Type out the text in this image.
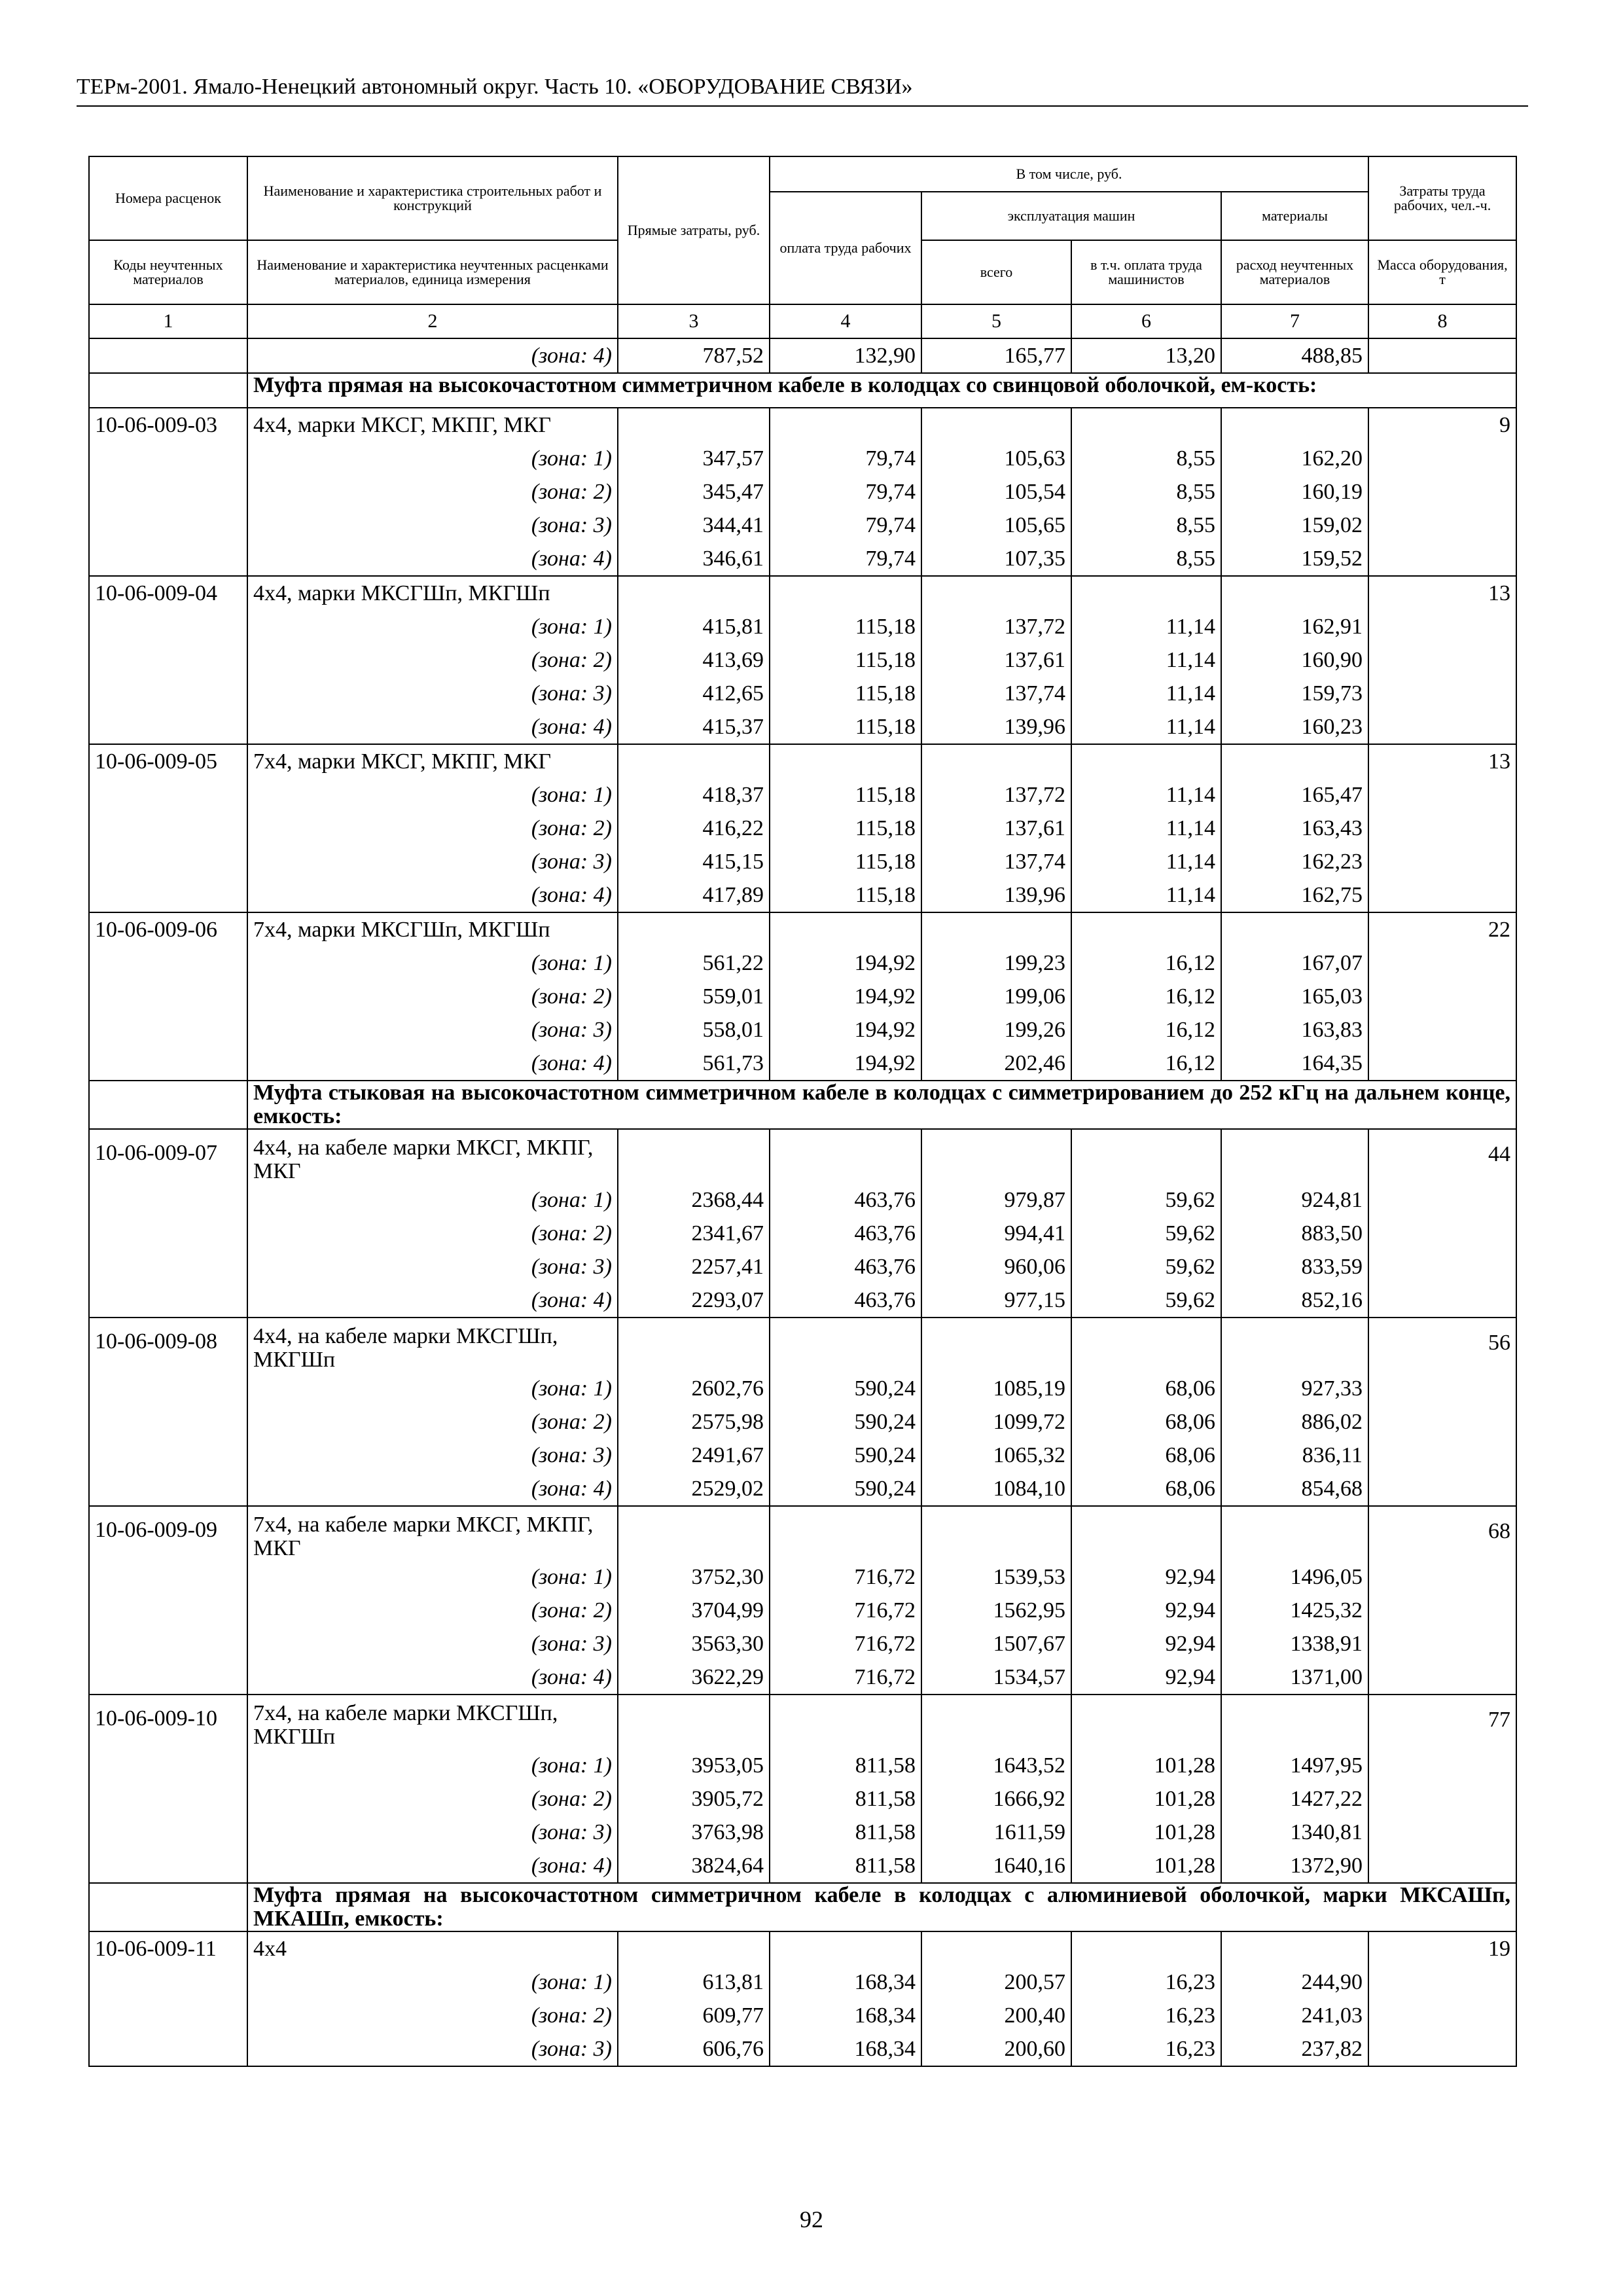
ТЕРм-2001. Ямало-Ненецкий автономный округ. Часть 10. «ОБОРУДОВАНИЕ СВЯЗИ»
Номера расценок	Наименование и характеристика строительных работ и конструкций	Прямые затраты, руб.	В том числе, руб.				Затраты труда рабочих, чел.-ч.
			оплата труда рабочих	эксплуатация машин		материалы	
Коды неучтенных материалов	Наименование и характеристика неучтенных расценками материалов, единица измерения			всего	в т.ч. оплата труда машинистов	расход неучтенных материалов	Масса оборудования, т
1	2	3	4	5	6	7	8
	(зона: 4)	787,52	132,90	165,77	13,20	488,85	
	Муфта прямая на высокочастотном симметричном кабеле в колодцах со свинцовой оболочкой, ем-кость:						
10-06-009-03	4х4, марки МКСГ, МКПГ, МКГ						9
	(зона: 1)	347,57	79,74	105,63	8,55	162,20	
	(зона: 2)	345,47	79,74	105,54	8,55	160,19	
	(зона: 3)	344,41	79,74	105,65	8,55	159,02	
	(зона: 4)	346,61	79,74	107,35	8,55	159,52	
10-06-009-04	4х4, марки МКСГШп, МКГШп						13
	(зона: 1)	415,81	115,18	137,72	11,14	162,91	
	(зона: 2)	413,69	115,18	137,61	11,14	160,90	
	(зона: 3)	412,65	115,18	137,74	11,14	159,73	
	(зона: 4)	415,37	115,18	139,96	11,14	160,23	
10-06-009-05	7х4, марки МКСГ, МКПГ, МКГ						13
	(зона: 1)	418,37	115,18	137,72	11,14	165,47	
	(зона: 2)	416,22	115,18	137,61	11,14	163,43	
	(зона: 3)	415,15	115,18	137,74	11,14	162,23	
	(зона: 4)	417,89	115,18	139,96	11,14	162,75	
10-06-009-06	7х4, марки МКСГШп, МКГШп						22
	(зона: 1)	561,22	194,92	199,23	16,12	167,07	
	(зона: 2)	559,01	194,92	199,06	16,12	165,03	
	(зона: 3)	558,01	194,92	199,26	16,12	163,83	
	(зона: 4)	561,73	194,92	202,46	16,12	164,35	
	Муфта стыковая на высокочастотном симметричном кабеле в колодцах с симметрированием до 252 кГц на дальнем конце, емкость:						
10-06-009-07	4х4, на кабеле марки МКСГ, МКПГ, МКГ						44
	(зона: 1)	2368,44	463,76	979,87	59,62	924,81	
	(зона: 2)	2341,67	463,76	994,41	59,62	883,50	
	(зона: 3)	2257,41	463,76	960,06	59,62	833,59	
	(зона: 4)	2293,07	463,76	977,15	59,62	852,16	
10-06-009-08	4х4, на кабеле марки МКСГШп, МКГШп						56
	(зона: 1)	2602,76	590,24	1085,19	68,06	927,33	
	(зона: 2)	2575,98	590,24	1099,72	68,06	886,02	
	(зона: 3)	2491,67	590,24	1065,32	68,06	836,11	
	(зона: 4)	2529,02	590,24	1084,10	68,06	854,68	
10-06-009-09	7х4, на кабеле марки МКСГ, МКПГ, МКГ						68
	(зона: 1)	3752,30	716,72	1539,53	92,94	1496,05	
	(зона: 2)	3704,99	716,72	1562,95	92,94	1425,32	
	(зона: 3)	3563,30	716,72	1507,67	92,94	1338,91	
	(зона: 4)	3622,29	716,72	1534,57	92,94	1371,00	
10-06-009-10	7х4, на кабеле марки МКСГШп, МКГШп						77
	(зона: 1)	3953,05	811,58	1643,52	101,28	1497,95	
	(зона: 2)	3905,72	811,58	1666,92	101,28	1427,22	
	(зона: 3)	3763,98	811,58	1611,59	101,28	1340,81	
	(зона: 4)	3824,64	811,58	1640,16	101,28	1372,90	
	Муфта прямая на высокочастотном симметричном кабеле в колодцах с алюминиевой оболочкой, марки МКСАШп, МКАШп, емкость:						
10-06-009-11	4х4						19
	(зона: 1)	613,81	168,34	200,57	16,23	244,90	
	(зона: 2)	609,77	168,34	200,40	16,23	241,03	
	(зона: 3)	606,76	168,34	200,60	16,23	237,82	
92
